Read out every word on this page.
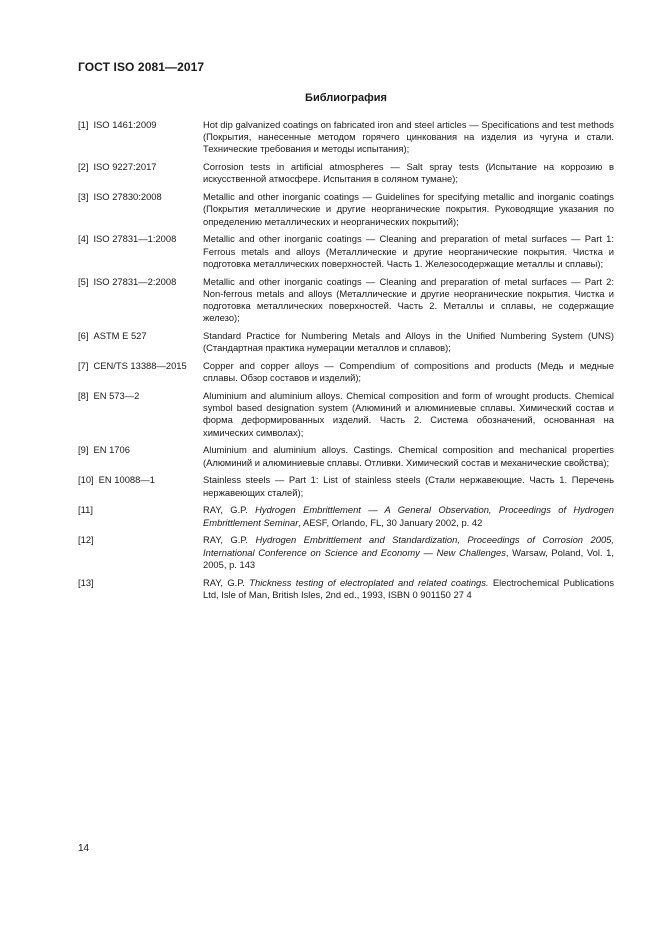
ГОСТ ISO 2081—2017
Библиография
[1] ISO 1461:2009	Hot dip galvanized coatings on fabricated iron and steel articles — Specifications and test methods (Покрытия, нанесенные методом горячего цинкования на изделия из чугуна и стали. Технические требования и методы испытания);
[2] ISO 9227:2017	Corrosion tests in artificial atmospheres — Salt spray tests (Испытание на коррозию в искусственной атмосфере. Испытания в соляном тумане);
[3] ISO 27830:2008	Metallic and other inorganic coatings — Guidelines for specifying metallic and inorganic coatings (Покрытия металлические и другие неорганические покрытия. Руководящие указания по определению металлических и неорганических покрытий);
[4] ISO 27831—1:2008	Metallic and other inorganic coatings — Cleaning and preparation of metal surfaces — Part 1: Ferrous metals and alloys (Металлические и другие неорганические покрытия. Чистка и подготовка металлических поверхностей. Часть 1. Железосодержащие металлы и сплавы);
[5] ISO 27831—2:2008	Metallic and other inorganic coatings — Cleaning and preparation of metal surfaces — Part 2: Non-ferrous metals and alloys (Металлические и другие неорганические покрытия. Чистка и подготовка металлических поверхностей. Часть 2. Металлы и сплавы, не содержащие железо);
[6] ASTM E 527	Standard Practice for Numbering Metals and Alloys in the Unified Numbering System (UNS) (Стандартная практика нумерации металлов и сплавов);
[7] CEN/TS 13388—2015	Copper and copper alloys — Compendium of compositions and products (Медь и медные сплавы. Обзор составов и изделий);
[8] EN 573—2	Aluminium and aluminium alloys. Chemical composition and form of wrought products. Chemical symbol based designation system (Алюминий и алюминиевые сплавы. Химический состав и форма деформированных изделий. Часть 2. Система обозначений, основанная на химических символах);
[9] EN 1706	Aluminium and aluminium alloys. Castings. Chemical composition and mechanical properties (Алюминий и алюминиевые сплавы. Отливки. Химический состав и механические свойства);
[10] EN 10088—1	Stainless steels — Part 1: List of stainless steels (Стали нержавеющие. Часть 1. Перечень нержавеющих сталей);
[11]	RAY, G.P. Hydrogen Embrittlement — A General Observation, Proceedings of Hydrogen Embrittlement Seminar, AESF, Orlando, FL, 30 January 2002, p. 42
[12]	RAY, G.P. Hydrogen Embrittlement and Standardization, Proceedings of Corrosion 2005, International Conference on Science and Economy — New Challenges, Warsaw, Poland, Vol. 1, 2005, p. 143
[13]	RAY, G.P. Thickness testing of electroplated and related coatings. Electrochemical Publications Ltd, Isle of Man, British Isles, 2nd ed., 1993, ISBN 0 901150 27 4
14
